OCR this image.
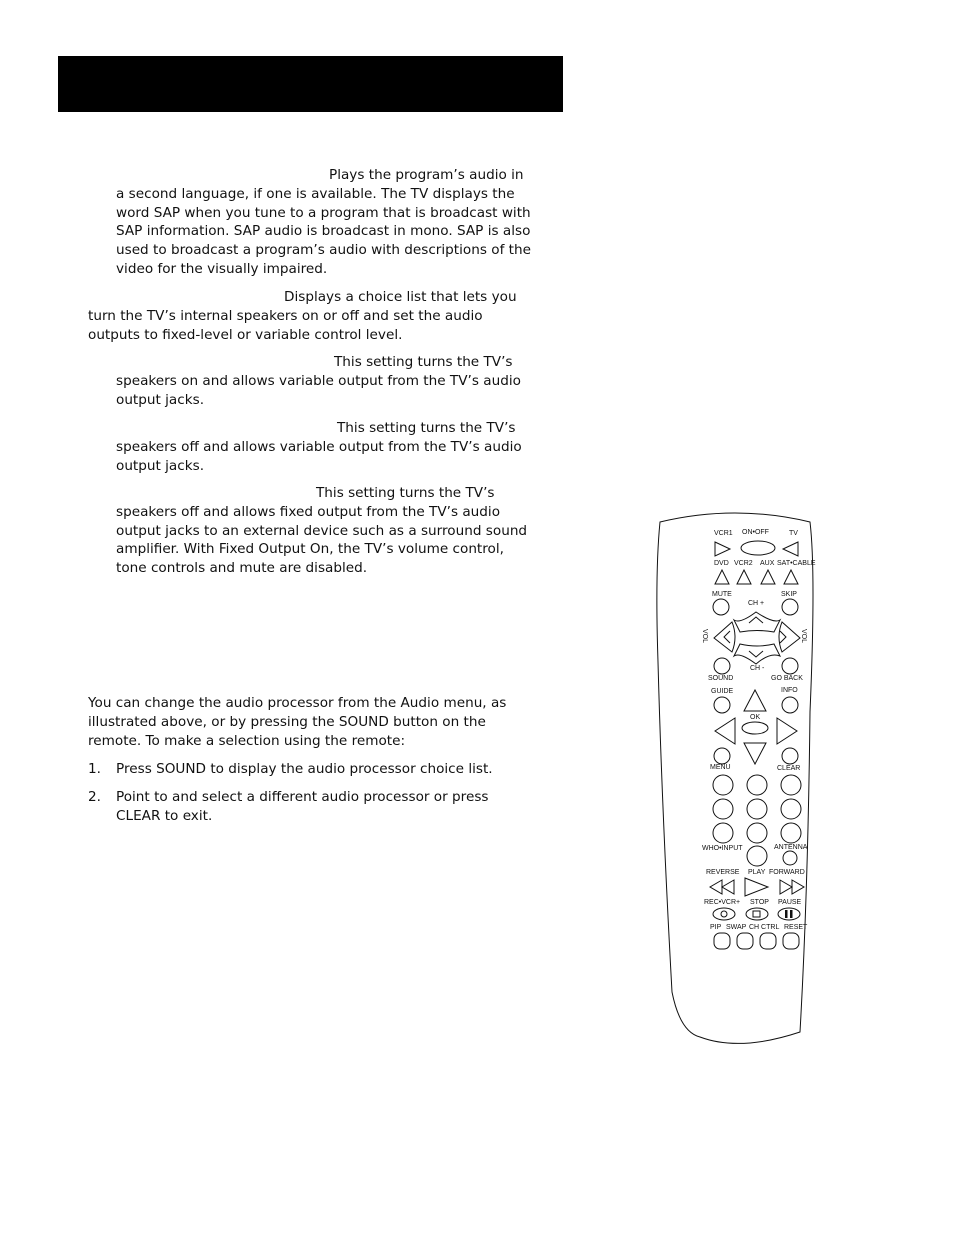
Plays the program’s audio in a second language, if one is available. The TV displays the word SAP when you tune to a program that is broadcast with SAP information. SAP audio is broadcast in mono. SAP is also used to broadcast a program’s audio with descriptions of the video for the visually impaired.

Displays a choice list that lets you turn the TV’s internal speakers on or off and set the audio outputs to fixed-level or variable control level.

This setting turns the TV’s speakers on and allows variable output from the TV’s audio output jacks.

This setting turns the TV’s speakers off and allows variable output from the TV’s audio output jacks.

This setting turns the TV’s speakers off and allows fixed output from the TV’s audio output jacks to an external device such as a surround sound amplifier. With Fixed Output On, the TV’s volume control, tone controls and mute are disabled.

You can change the audio processor from the Audio menu, as illustrated above, or by pressing the SOUND button on the remote. To make a selection using the remote:

1. Press SOUND to display the audio processor choice list.
2. Point to and select a different audio processor or press CLEAR to exit.
VCR1 ON•OFF	TV
DVD VCR2 AUX SAT•CABLE
MUTE	SKIP
CH +
VOL	VOL
CH -
SOUND	GO BACK
GUIDE	INFO
OK
MENU	CLEAR
WHO•INPUT	ANTENNA
REVERSE PLAY FORWARD
REC•VCR+ STOP PAUSE
PIP SWAP CH CTRL RESET
